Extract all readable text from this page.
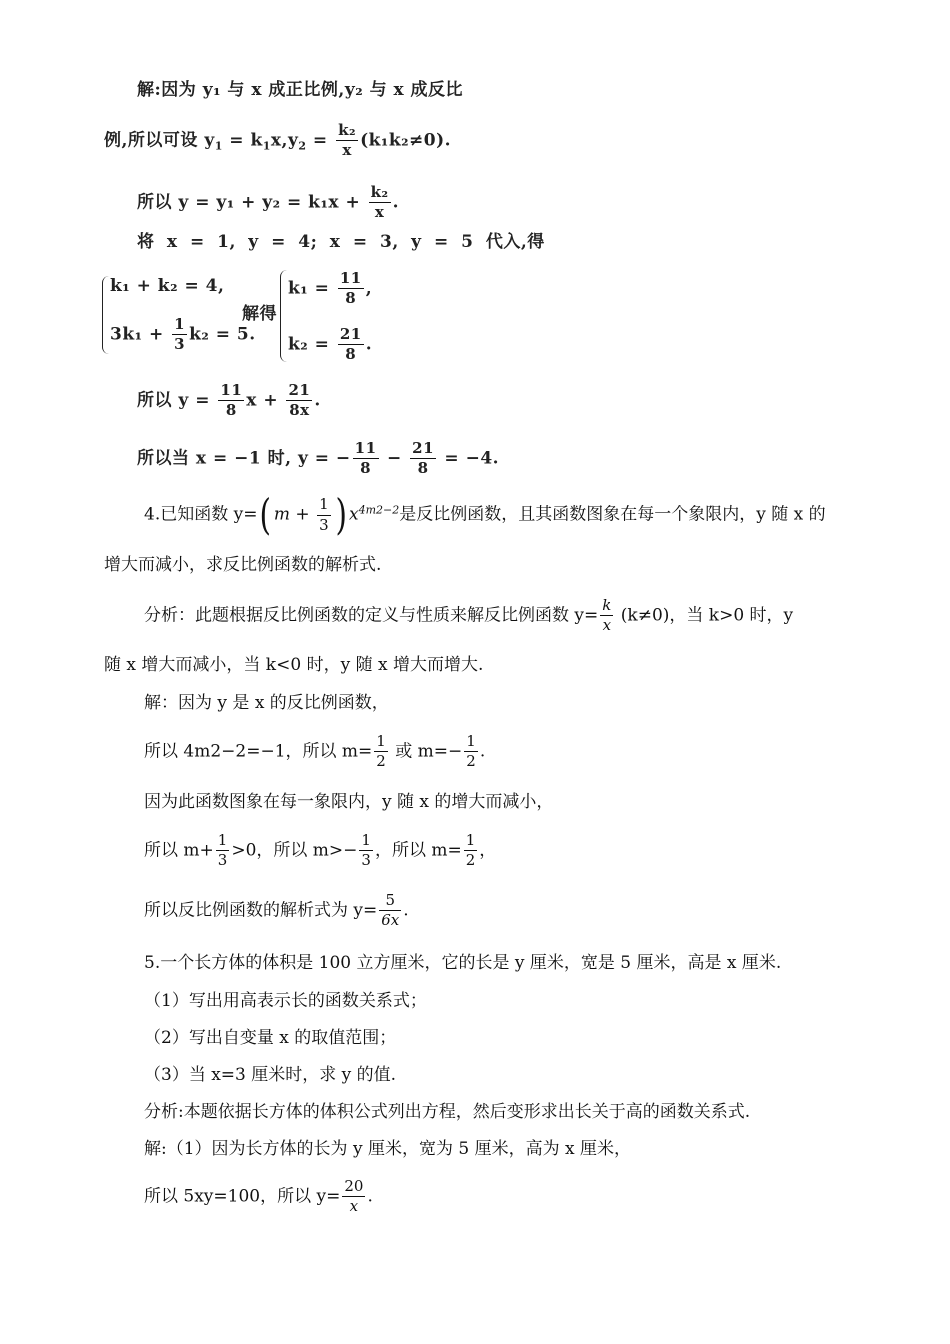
解:因为 y₁ 与 x 成正比例,y₂ 与 x 成反比
例,所以可设 $y_1 = k_1x,y_2 = \frac{\text{k₂}}{x} (k_1k_2\ne 0)$.
所以 $y = y_1 + y_2 = k_1x + \frac{\text{k₂}}{x}$ .
将 x = 1, y = 4; x = 3, y = 5 代入,得
k₁ + k₂ = 4,
$3k_1 + \frac{1}{3} k_2 = 5$.
解得
$k_1 = \frac{11}{8}$ ,
$k_2 = \frac{21}{8}$ .
所以 $y = \frac{11}{8}$ $x + \frac{21}{8x}$ .
所以当 x = −1 时, y = − $\frac{11}{8} - \frac{21}{8} = -4$.
4.已知函数 y=( $m + \frac{1}{3}$ ) $x^{4m2-2}$是反比例函数，且其函数图象在每一个象限内，y 随 x 的
增大而减小，求反比例函数的解析式.
分析：此题根据反比例函数的定义与性质来解反比例函数 $y= \frac{k}{x} (k\ne 0)$，当 k>0 时，y
随 x 增大而减小，当 k<0 时，y 随 x 增大而增大.
解：因为 y 是 x 的反比例函数，
所以 4m2−2=−1，所以 $m= \frac{1}{2}$ 或 $m=- \frac{1}{2}$ .
因为此函数图象在每一象限内，y 随 x 的增大而减小，
所以 $m+ \frac{1}{3} >0$，所以 $m>- \frac{1}{3}$ ，所以 $m= \frac{1}{2}$ ，
所以反比例函数的解析式为 $y= \frac{5}{6x}$ .
5.一个长方体的体积是 100 立方厘米，它的长是 y 厘米，宽是 5 厘米，高是 x 厘米.
（1）写出用高表示长的函数关系式；
（2）写出自变量 x 的取值范围；
（3）当 x=3 厘米时，求 y 的值.
分析:本题依据长方体的体积公式列出方程，然后变形求出长关于高的函数关系式.
解:（1）因为长方体的长为 y 厘米，宽为 5 厘米，高为 x 厘米，
所以 5xy=100，所以 $y= \frac{20}{x}$ .
